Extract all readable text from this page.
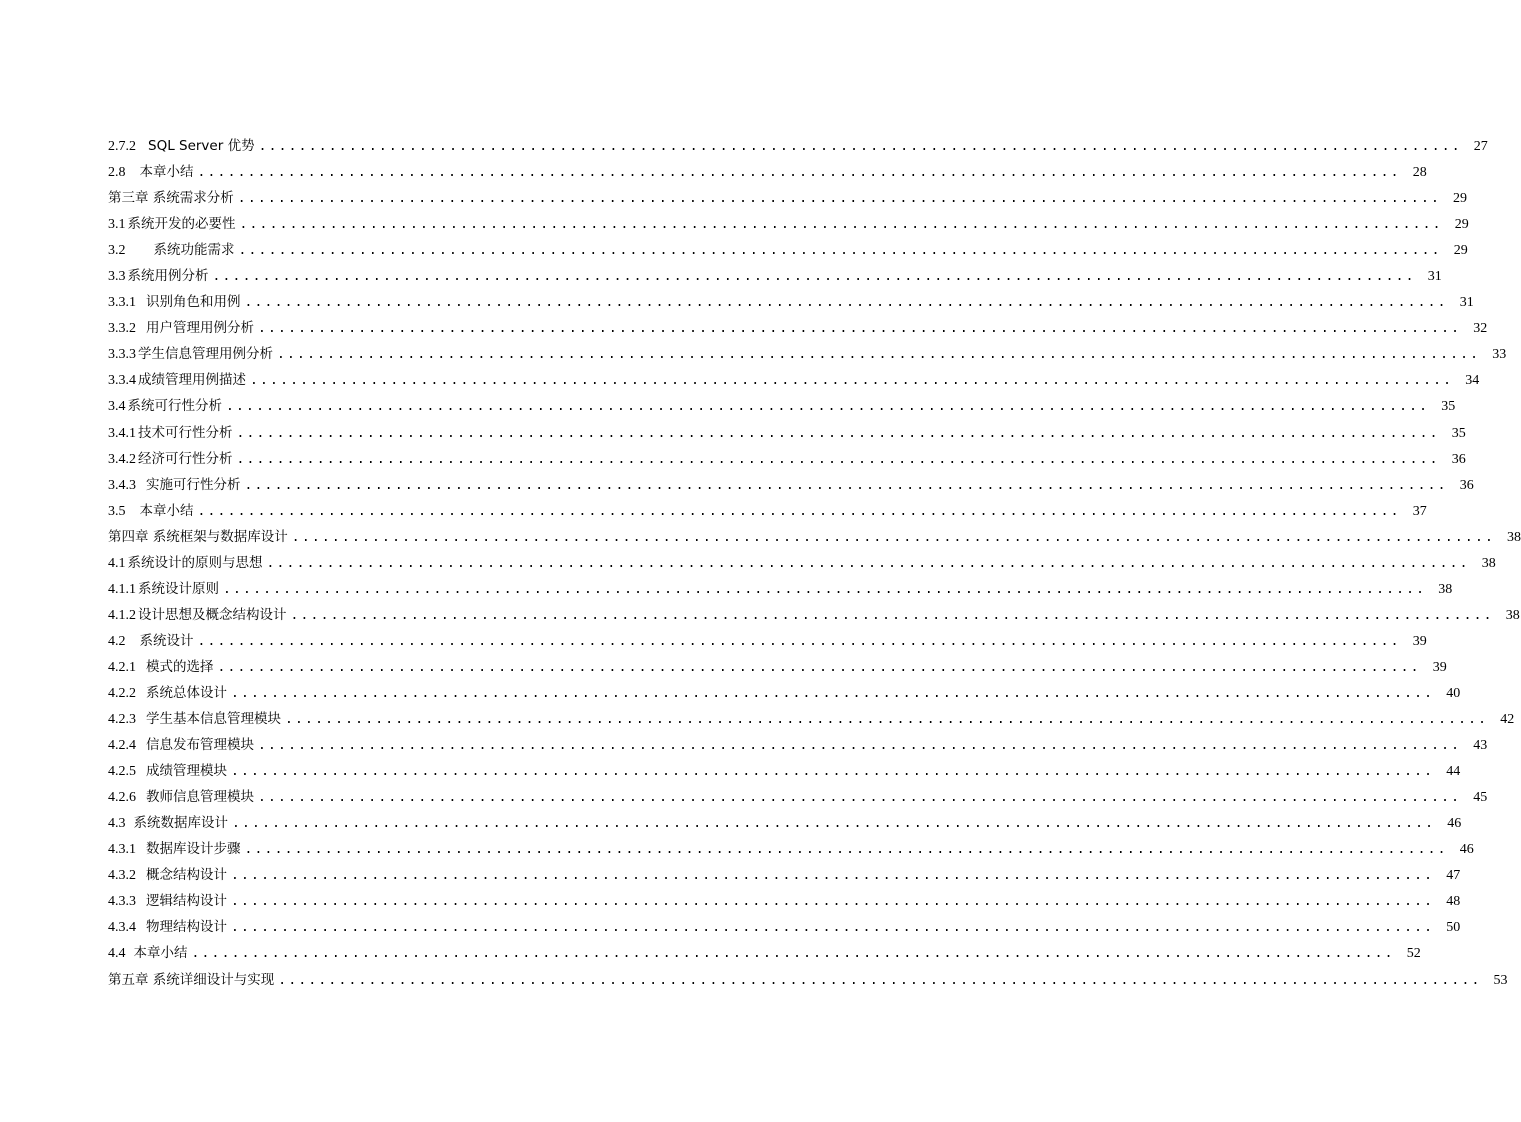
2.7.2 SQL Server 优势 ........................................................................................................................ 27
2.8 本章小结 ........................................................................................................................ 28
第三章 系统需求分析 ........................................................................................................................ 29
3.1 系统开发的必要性 ........................................................................................................................ 29
3.2 系统功能需求 ........................................................................................................................ 29
3.3 系统用例分析 ........................................................................................................................ 31
3.3.1 识别角色和用例 ........................................................................................................................ 31
3.3.2 用户管理用例分析 ........................................................................................................................ 32
3.3.3 学生信息管理用例分析 ........................................................................................................................ 33
3.3.4 成绩管理用例描述 ........................................................................................................................ 34
3.4 系统可行性分析 ........................................................................................................................ 35
3.4.1 技术可行性分析 ........................................................................................................................ 35
3.4.2 经济可行性分析 ........................................................................................................................ 36
3.4.3 实施可行性分析 ........................................................................................................................ 36
3.5 本章小结 ........................................................................................................................ 37
第四章 系统框架与数据库设计 ........................................................................................................................ 38
4.1 系统设计的原则与思想 ........................................................................................................................ 38
4.1.1 系统设计原则 ........................................................................................................................ 38
4.1.2 设计思想及概念结构设计 ........................................................................................................................ 38
4.2 系统设计 ........................................................................................................................ 39
4.2.1 模式的选择 ........................................................................................................................ 39
4.2.2 系统总体设计 ........................................................................................................................ 40
4.2.3 学生基本信息管理模块 ........................................................................................................................ 42
4.2.4 信息发布管理模块 ........................................................................................................................ 43
4.2.5 成绩管理模块 ........................................................................................................................ 44
4.2.6 教师信息管理模块 ........................................................................................................................ 45
4.3 系统数据库设计 ........................................................................................................................ 46
4.3.1 数据库设计步骤 ........................................................................................................................ 46
4.3.2 概念结构设计 ........................................................................................................................ 47
4.3.3 逻辑结构设计 ........................................................................................................................ 48
4.3.4 物理结构设计 ........................................................................................................................ 50
4.4 本章小结 ........................................................................................................................ 52
第五章 系统详细设计与实现 ........................................................................................................................ 53
